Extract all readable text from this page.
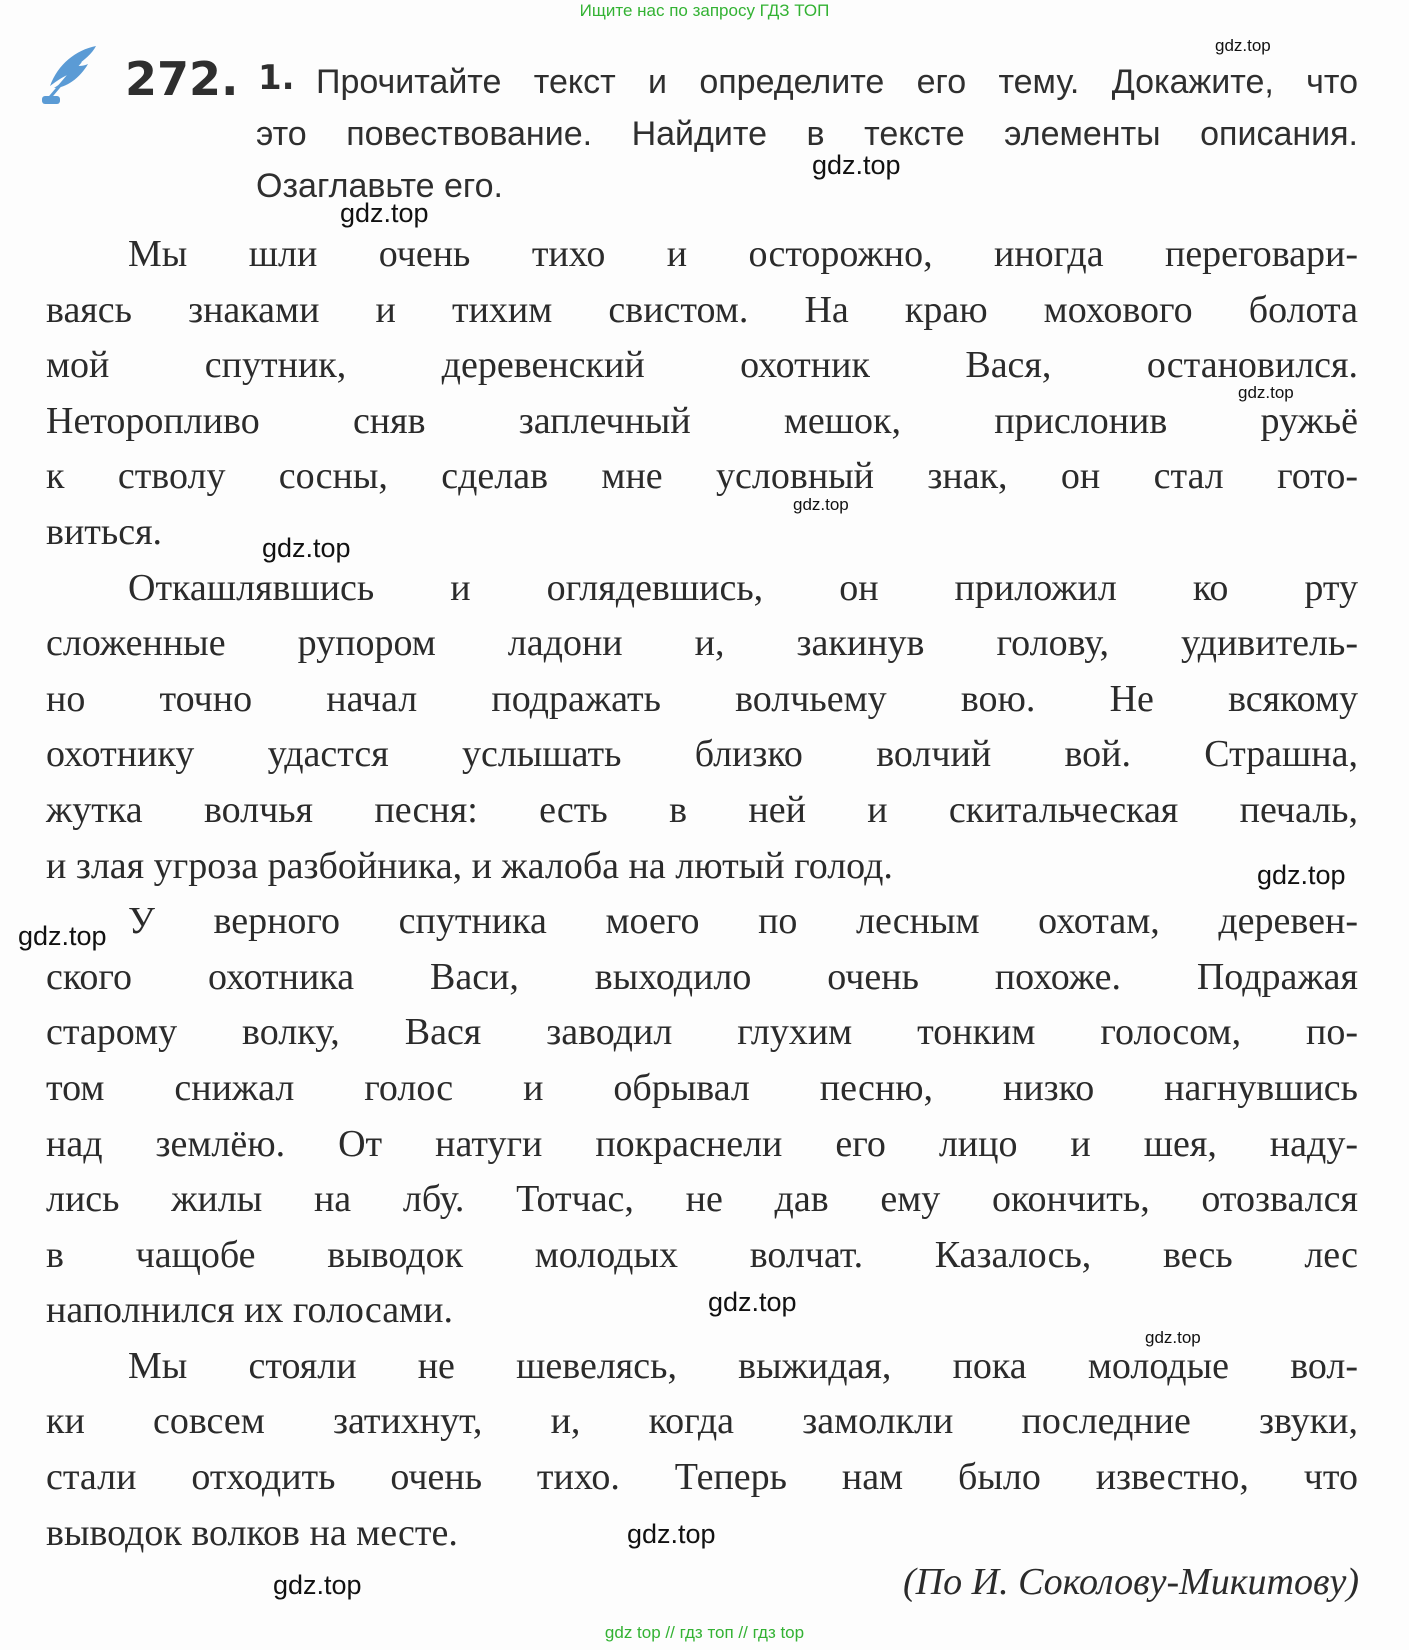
Ищите нас по запросу ГДЗ ТОП
272. 1. Прочитайте текст и определите его тему. Докажите, что
это повествование. Найдите в тексте элементы описания.
Озаглавьте его.
Мы шли очень тихо и осторожно, иногда переговари-
ваясь знаками и тихим свистом. На краю мохового болота
мой спутник, деревенский охотник Вася, остановился.
Неторопливо сняв заплечный мешок, прислонив ружьё
к стволу сосны, сделав мне условный знак, он стал гото-
виться.
Откашлявшись и оглядевшись, он приложил ко рту
сложенные рупором ладони и, закинув голову, удивитель-
но точно начал подражать волчьему вою. Не всякому
охотнику удастся услышать близко волчий вой. Страшна,
жутка волчья песня: есть в ней и скитальческая печаль,
и злая угроза разбойника, и жалоба на лютый голод.
У верного спутника моего по лесным охотам, деревен-
ского охотника Васи, выходило очень похоже. Подражая
старому волку, Вася заводил глухим тонким голосом, по-
том снижал голос и обрывал песню, низко нагнувшись
над землёю. От натуги покраснели его лицо и шея, наду-
лись жилы на лбу. Тотчас, не дав ему окончить, отозвался
в чащобе выводок молодых волчат. Казалось, весь лес
наполнился их голосами.
Мы стояли не шевелясь, выжидая, пока молодые вол-
ки совсем затихнут, и, когда замолкли последние звуки,
стали отходить очень тихо. Теперь нам было известно, что
выводок волков на месте.
(По И. Соколову-Микитову)
gdz.top
gdz.top
gdz.top
gdz.top
gdz.top
gdz.top
gdz.top
gdz.top
gdz.top
gdz.top
gdz.top
gdz.top
gdz top // гдз топ // гдз top
